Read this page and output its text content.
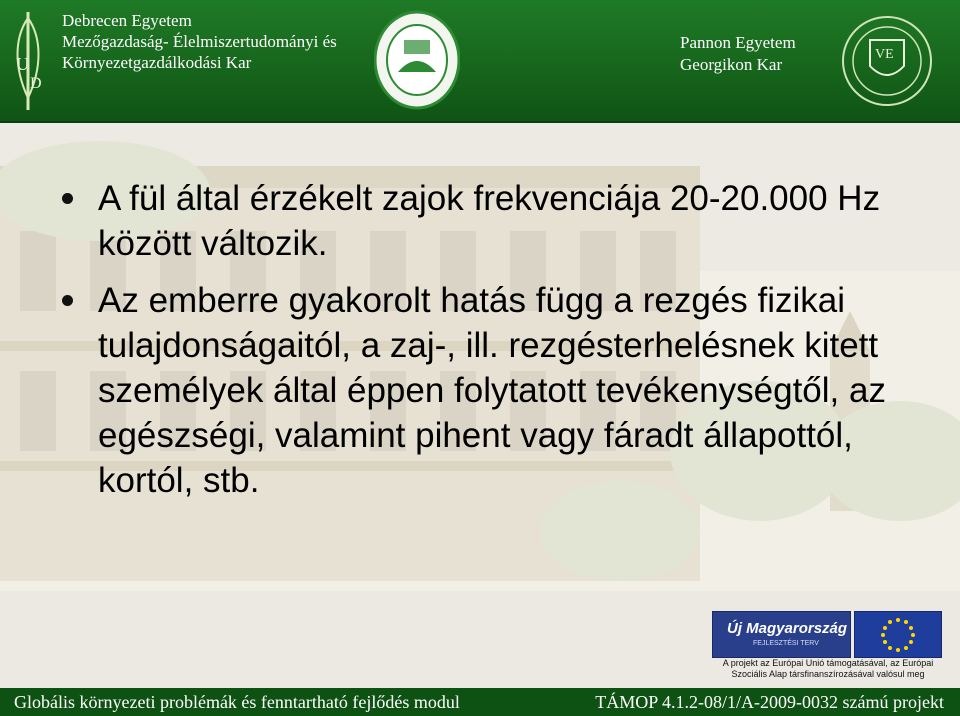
U
D
Debrecen Egyetem
Mezőgazdaság- Élelmiszertudományi és
Környezetgazdálkodási Kar
Pannon Egyetem
Georgikon Kar
VE
A fül által érzékelt zajok frekvenciája 20-20.000 Hz között változik.
Az emberre gyakorolt hatás függ a rezgés fizikai tulajdonságaitól, a zaj-, ill. rezgésterhelésnek kitett személyek által éppen folytatott tevékenységtől, az egészségi, valamint pihent vagy fáradt állapottól, kortól, stb.
Új Magyarország
FEJLESZTÉSI TERV
A projekt az Európai Unió támogatásával, az Európai
Szociális Alap társfinanszírozásával valósul meg
Globális környezeti problémák és fenntartható fejlődés modul	TÁMOP 4.1.2-08/1/A-2009-0032 számú projekt
